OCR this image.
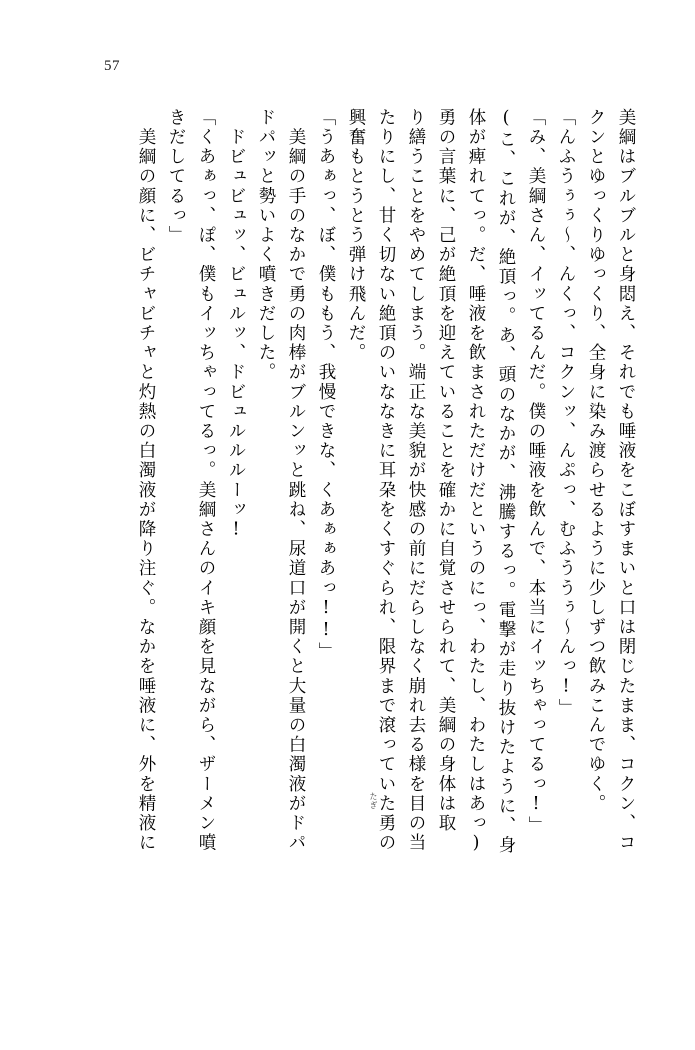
57
美綱はブルブルと身悶え、それでも唾液をこぼすまいと口は閉じたまま、コクン、コ
クンとゆっくりゆっくり、全身に染み渡らせるように少しずつ飲みこんでゆく。
「んふうぅぅ～、んくっ、コクンッ、んぷっ、むふううぅ～んっ!」
「み、美綱さん、イッてるんだ。僕の唾液を飲んで、本当にイッちゃってるっ!」
(こ、これが、絶頂っ。あ、頭のなかが、沸騰するっ。電撃が走り抜けたように、身
体が痺れてっ。だ、唾液を飲まされただけだというのにっ、わたし、わたしはあっ)
勇の言葉に、己が絶頂を迎えていることを確かに自覚させられて、美綱の身体は取
り繕うことをやめてしまう。端正な美貌が快感の前にだらしなく崩れ去る様を目の当
たりにし、甘く切ない絶頂のいななきに耳朶をくすぐられ、限界まで滾っていた勇の
興奮もとうとう弾け飛んだ。
「うあぁっ、ぼ、僕ももう、我慢できな、くあぁぁあっ!!」
　美綱の手のなかで勇の肉棒がブルンッと跳ね、尿道口が開くと大量の白濁液がドパ
ドパッと勢いよく噴きだした。
　ドビュビュッ、ビュルッ、ドビュルルルーッ!
「くあぁっ、ぽ、僕もイッちゃってるっ。美綱さんのイキ顔を見ながら、ザーメン噴
きだしてるっ」
　美綱の顔に、ビチャビチャと灼熱の白濁液が降り注ぐ。なかを唾液に、外を精液に	たぎ
